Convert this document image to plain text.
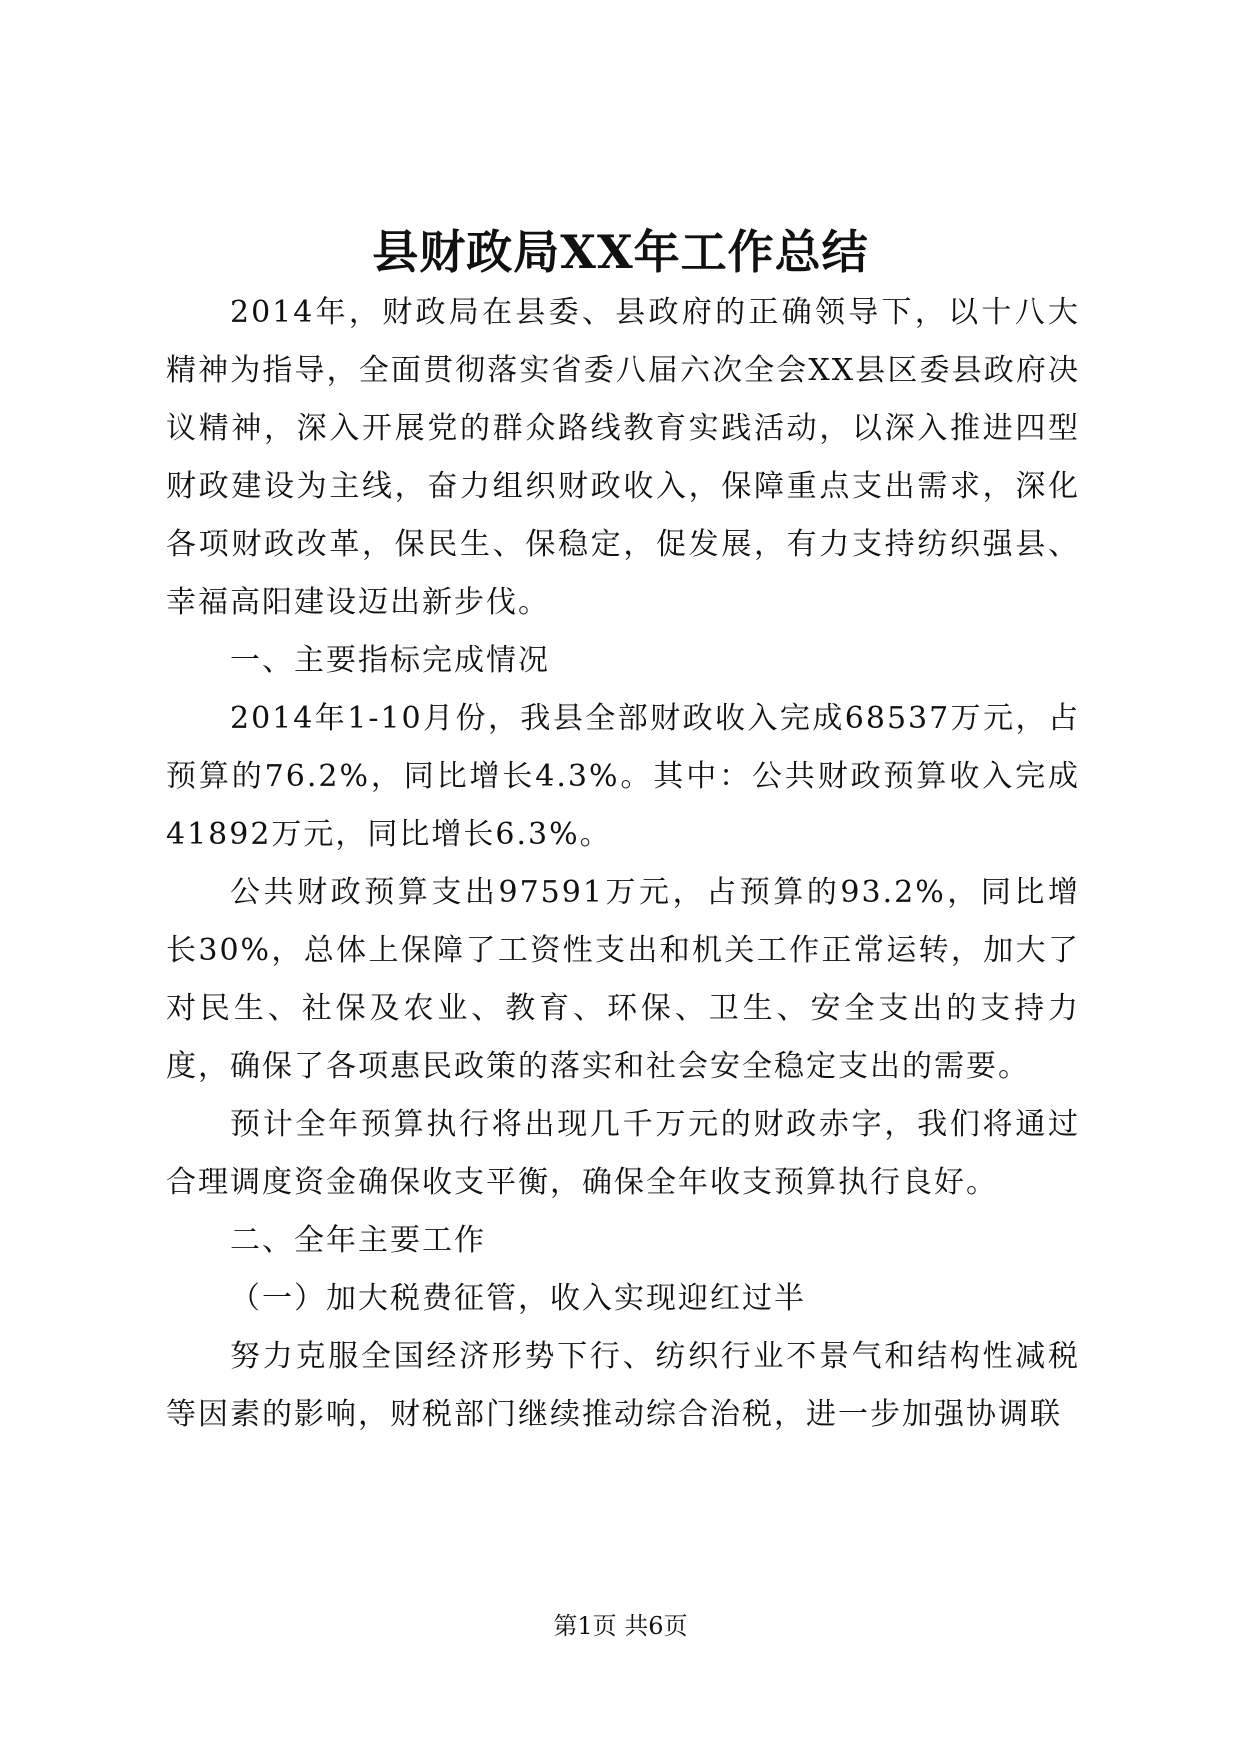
县财政局XX年工作总结

2014年，财政局在县委、县政府的正确领导下，以十八大精神为指导，全面贯彻落实省委八届六次全会XX县区委县政府决议精神，深入开展党的群众路线教育实践活动，以深入推进四型财政建设为主线，奋力组织财政收入，保障重点支出需求，深化各项财政改革，保民生、保稳定，促发展，有力支持纺织强县、幸福高阳建设迈出新步伐。

一、主要指标完成情况

2014年1-10月份，我县全部财政收入完成68537万元，占预算的76.2%，同比增长4.3%。其中：公共财政预算收入完成41892万元，同比增长6.3%。

公共财政预算支出97591万元，占预算的93.2%，同比增长30%，总体上保障了工资性支出和机关工作正常运转，加大了对民生、社保及农业、教育、环保、卫生、安全支出的支持力度，确保了各项惠民政策的落实和社会安全稳定支出的需要。

预计全年预算执行将出现几千万元的财政赤字，我们将通过合理调度资金确保收支平衡，确保全年收支预算执行良好。

二、全年主要工作

（一）加大税费征管，收入实现迎红过半

努力克服全国经济形势下行、纺织行业不景气和结构性减税等因素的影响，财税部门继续推动综合治税，进一步加强协调联

第1页 共6页
